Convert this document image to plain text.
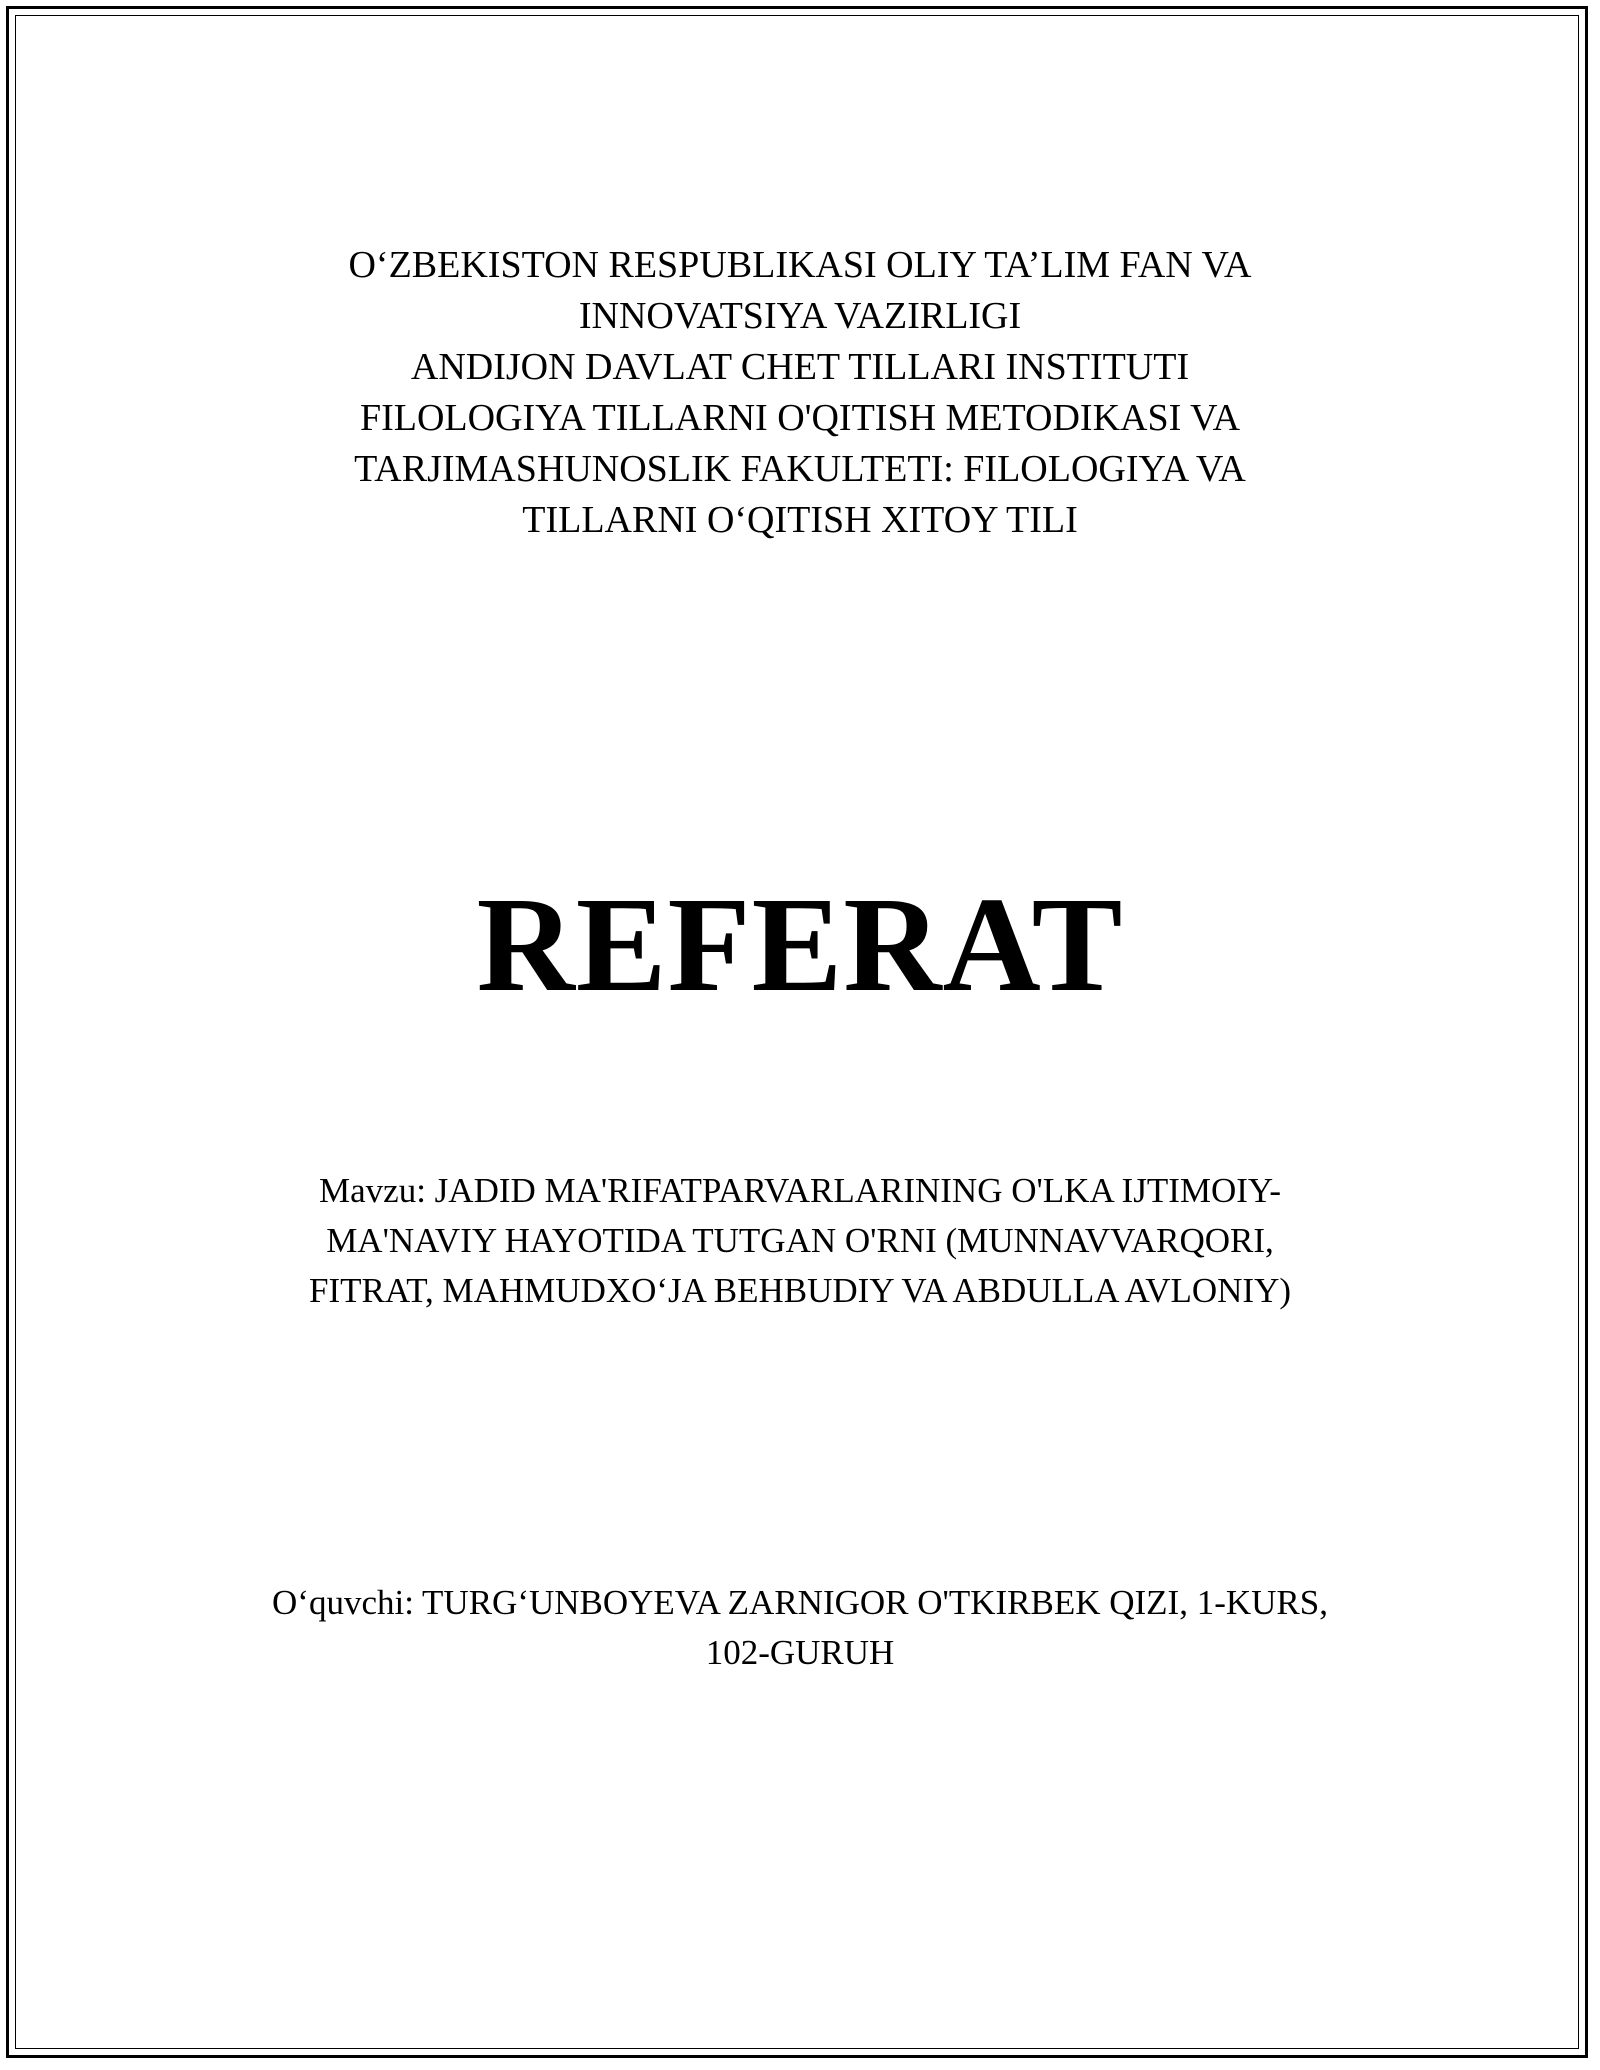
O‘ZBEKISTON RESPUBLIKASI OLIY TA’LIM FAN VA
INNOVATSIYA VAZIRLIGI
ANDIJON DAVLAT CHET TILLARI INSTITUTI
FILOLOGIYA TILLARNI O'QITISH METODIKASI VA
TARJIMASHUNOSLIK FAKULTETI: FILOLOGIYA VA
TILLARNI O‘QITISH XITOY TILI
REFERAT
Mavzu: JADID MA'RIFATPARVARLARINING O'LKA IJTIMOIY-
MA'NAVIY HAYOTIDA TUTGAN O'RNI (MUNNAVVARQORI,
FITRAT, MAHMUDXO‘JA BEHBUDIY VA ABDULLA AVLONIY)
O‘quvchi: TURG‘UNBOYEVA ZARNIGOR O'TKIRBEK QIZI, 1-KURS,
102-GURUH
